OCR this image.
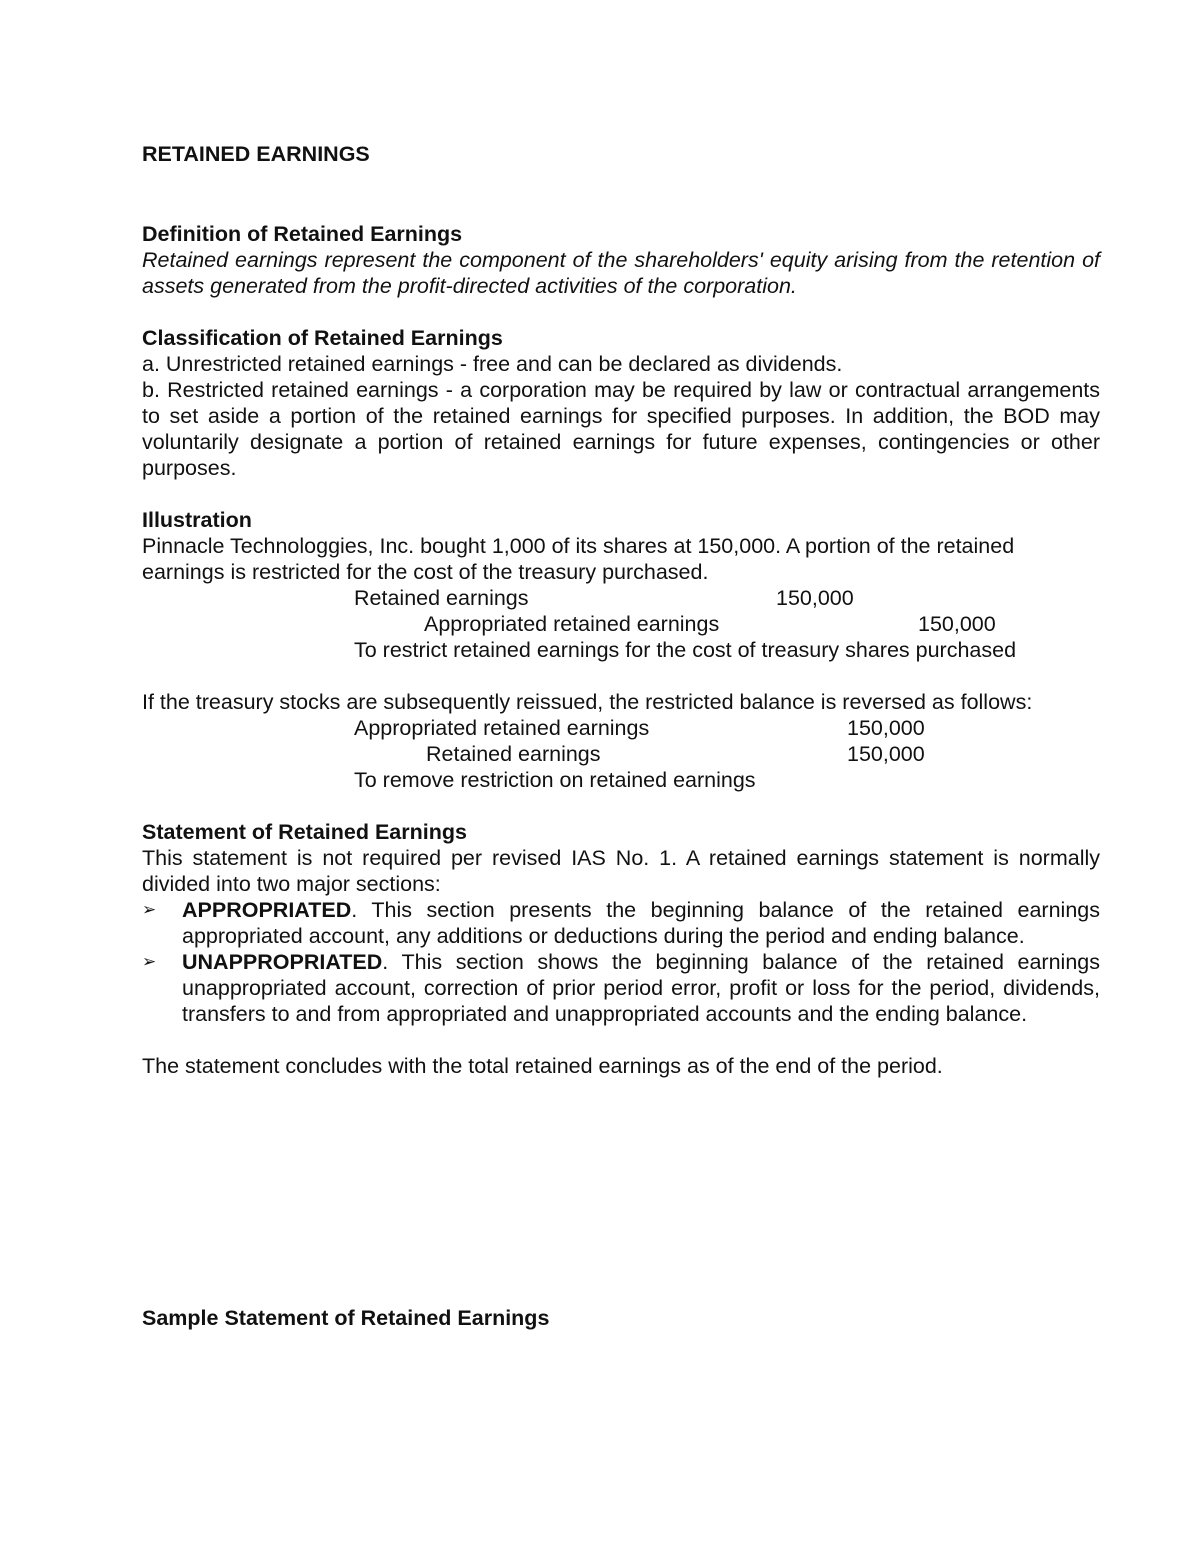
RETAINED EARNINGS
Definition of Retained Earnings

Retained earnings represent the component of the shareholders' equity arising from the retention of assets generated from the profit-directed activities of the corporation.

Classification of Retained Earnings

a. Unrestricted retained earnings - free and can be declared as dividends.

b. Restricted retained earnings - a corporation may be required by law or contractual arrangements to set aside a portion of the retained earnings for specified purposes. In addition, the BOD may voluntarily designate a portion of retained earnings for future expenses, contingencies or other purposes.

Illustration

Pinnacle Technologgies, Inc. bought 1,000 of its shares at 150,000. A portion of the retained earnings is restricted for the cost of the treasury purchased.

Retained earnings	150,000
Appropriated retained earnings	150,000
To restrict retained earnings for the cost of treasury shares purchased

If the treasury stocks are subsequently reissued, the restricted balance is reversed as follows:

Appropriated retained earnings	150,000
Retained earnings	150,000
To remove restriction on retained earnings
Statement of Retained Earnings

This statement is not required per revised IAS No. 1. A retained earnings statement is normally divided into two major sections:

➢	APPROPRIATED. This section presents the beginning balance of the retained earnings appropriated account, any additions or deductions during the period and ending balance.
➢	UNAPPROPRIATED. This section shows the beginning balance of the retained earnings unappropriated account, correction of prior period error, profit or loss for the period, dividends, transfers to and from appropriated and unappropriated accounts and the ending balance.

The statement concludes with the total retained earnings as of the end of the period.

Sample Statement of Retained Earnings
